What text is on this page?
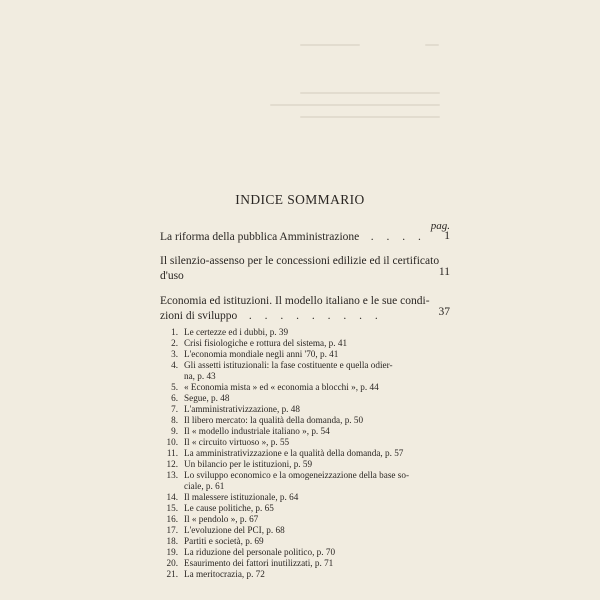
INDICE SOMMARIO
pag.
La riforma della pubblica Amministrazione . . . .	1
Il silenzio-assenso per le concessioni edilizie ed il certificato
d'uso	11
Economia ed istituzioni. Il modello italiano e le sue condi-
zioni di sviluppo . . . . . . . . .	37
1. Le certezze ed i dubbi, p. 39
2. Crisi fisiologiche e rottura del sistema, p. 41
3. L'economia mondiale negli anni '70, p. 41
4. Gli assetti istituzionali: la fase costituente e quella odier-
na, p. 43
5. « Economia mista » ed « economia a blocchi », p. 44
6. Segue, p. 48
7. L'amministrativizzazione, p. 48
8. Il libero mercato: la qualità della domanda, p. 50
9. Il « modello industriale italiano », p. 54
10. Il « circuito virtuoso », p. 55
11. La amministrativizzazione e la qualità della domanda, p. 57
12. Un bilancio per le istituzioni, p. 59
13. Lo sviluppo economico e la omogeneizzazione della base so-
ciale, p. 61
14. Il malessere istituzionale, p. 64
15. Le cause politiche, p. 65
16. Il « pendolo », p. 67
17. L'evoluzione del PCI, p. 68
18. Partiti e società, p. 69
19. La riduzione del personale politico, p. 70
20. Esaurimento dei fattori inutilizzati, p. 71
21. La meritocrazia, p. 72
